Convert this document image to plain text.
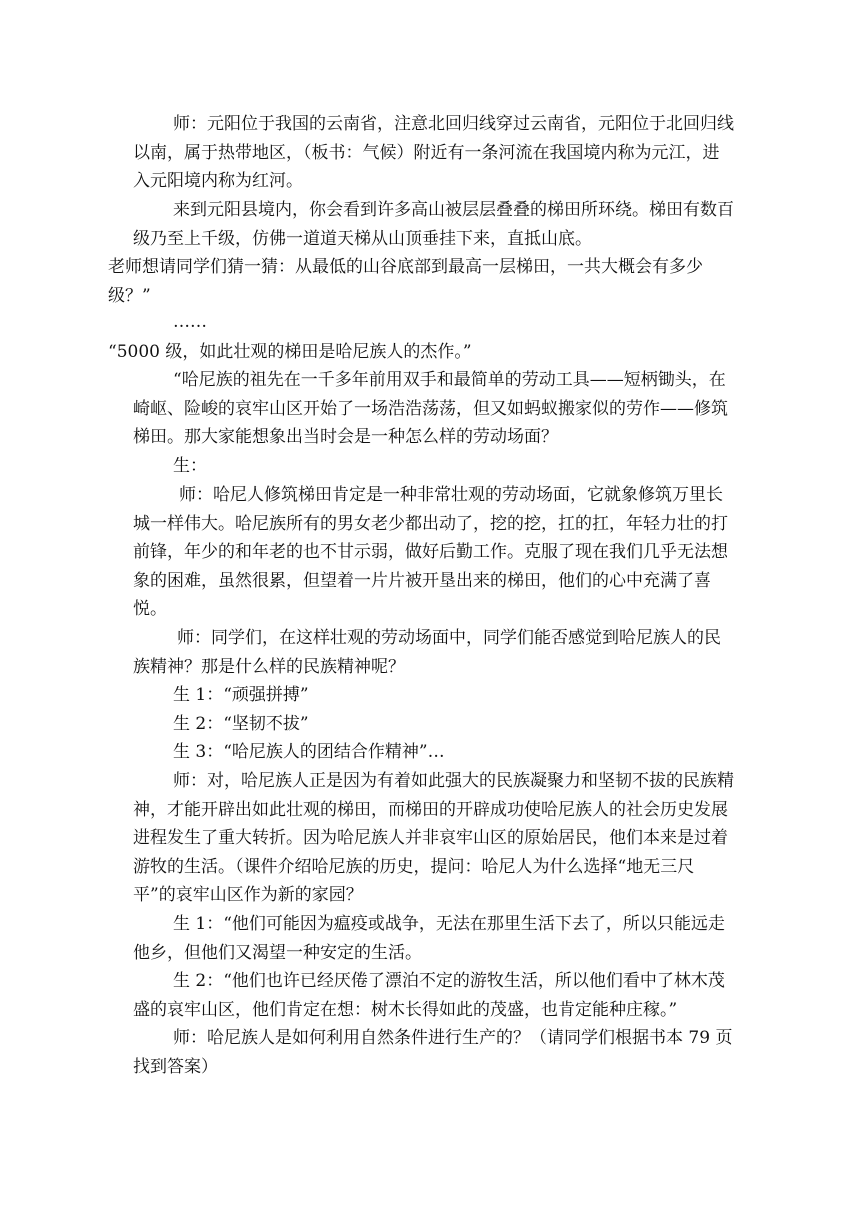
师：元阳位于我国的云南省，注意北回归线穿过云南省，元阳位于北回归线以南，属于热带地区，（板书：气候）附近有一条河流在我国境内称为元江，进入元阳境内称为红河。

来到元阳县境内，你会看到许多高山被层层叠叠的梯田所环绕。梯田有数百级乃至上千级，仿佛一道道天梯从山顶垂挂下来，直抵山底。

老师想请同学们猜一猜：从最低的山谷底部到最高一层梯田，一共大概会有多少级？”

……

“5000 级，如此壮观的梯田是哈尼族人的杰作。”

“哈尼族的祖先在一千多年前用双手和最简单的劳动工具——短柄锄头，在崎岖、险峻的哀牢山区开始了一场浩浩荡荡，但又如蚂蚁搬家似的劳作——修筑梯田。那大家能想象出当时会是一种怎么样的劳动场面？

生：

师：哈尼人修筑梯田肯定是一种非常壮观的劳动场面，它就象修筑万里长城一样伟大。哈尼族所有的男女老少都出动了，挖的挖，扛的扛，年轻力壮的打前锋，年少的和年老的也不甘示弱，做好后勤工作。克服了现在我们几乎无法想象的困难，虽然很累，但望着一片片被开垦出来的梯田，他们的心中充满了喜悦。

师：同学们，在这样壮观的劳动场面中，同学们能否感觉到哈尼族人的民族精神？那是什么样的民族精神呢？

生 1：“顽强拼搏”

生 2：“坚韧不拔”

生 3：“哈尼族人的团结合作精神”…

师：对，哈尼族人正是因为有着如此强大的民族凝聚力和坚韧不拔的民族精神，才能开辟出如此壮观的梯田，而梯田的开辟成功使哈尼族人的社会历史发展进程发生了重大转折。因为哈尼族人并非哀牢山区的原始居民，他们本来是过着游牧的生活。（课件介绍哈尼族的历史，提问：哈尼人为什么选择“地无三尺平”的哀牢山区作为新的家园？

生 1：“他们可能因为瘟疫或战争，无法在那里生活下去了，所以只能远走他乡，但他们又渴望一种安定的生活。

生 2：“他们也许已经厌倦了漂泊不定的游牧生活，所以他们看中了林木茂盛的哀牢山区，他们肯定在想：树木长得如此的茂盛，也肯定能种庄稼。”

师：哈尼族人是如何利用自然条件进行生产的？（请同学们根据书本 79 页找到答案）
